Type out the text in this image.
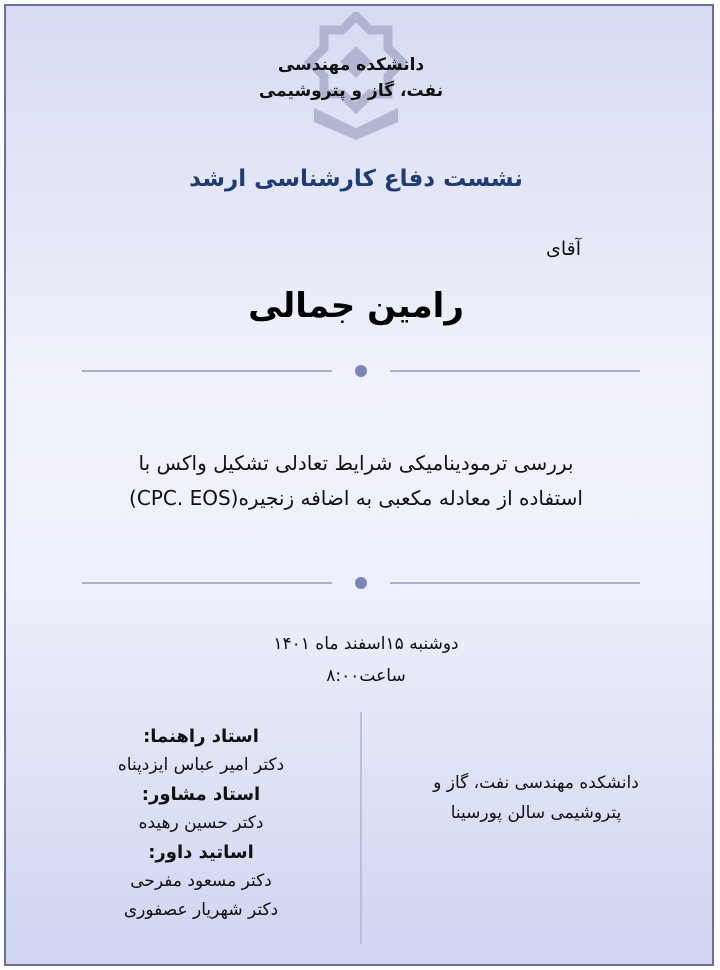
دانشکده مهندسی
نفت، گاز و پتروشیمی
نشست دفاع کارشناسی ارشد
آقای
رامین جمالی
بررسی ترمودینامیکی شرایط تعادلی تشکیل واکس با
استفاده از معادله مکعبی به اضافه زنجیره(CPC. EOS)
دوشنبه ۱۵اسفند ماه ۱۴۰۱
ساعت۸:۰۰
استاد راهنما:
دکتر امیر عباس ایزدپناه
استاد مشاور:
دکتر حسین رهیده
اساتید داور:
دکتر مسعود مفرحی
دکتر شهریار عصفوری
دانشکده مهندسی نفت، گاز و
پتروشیمی سالن پورسینا
